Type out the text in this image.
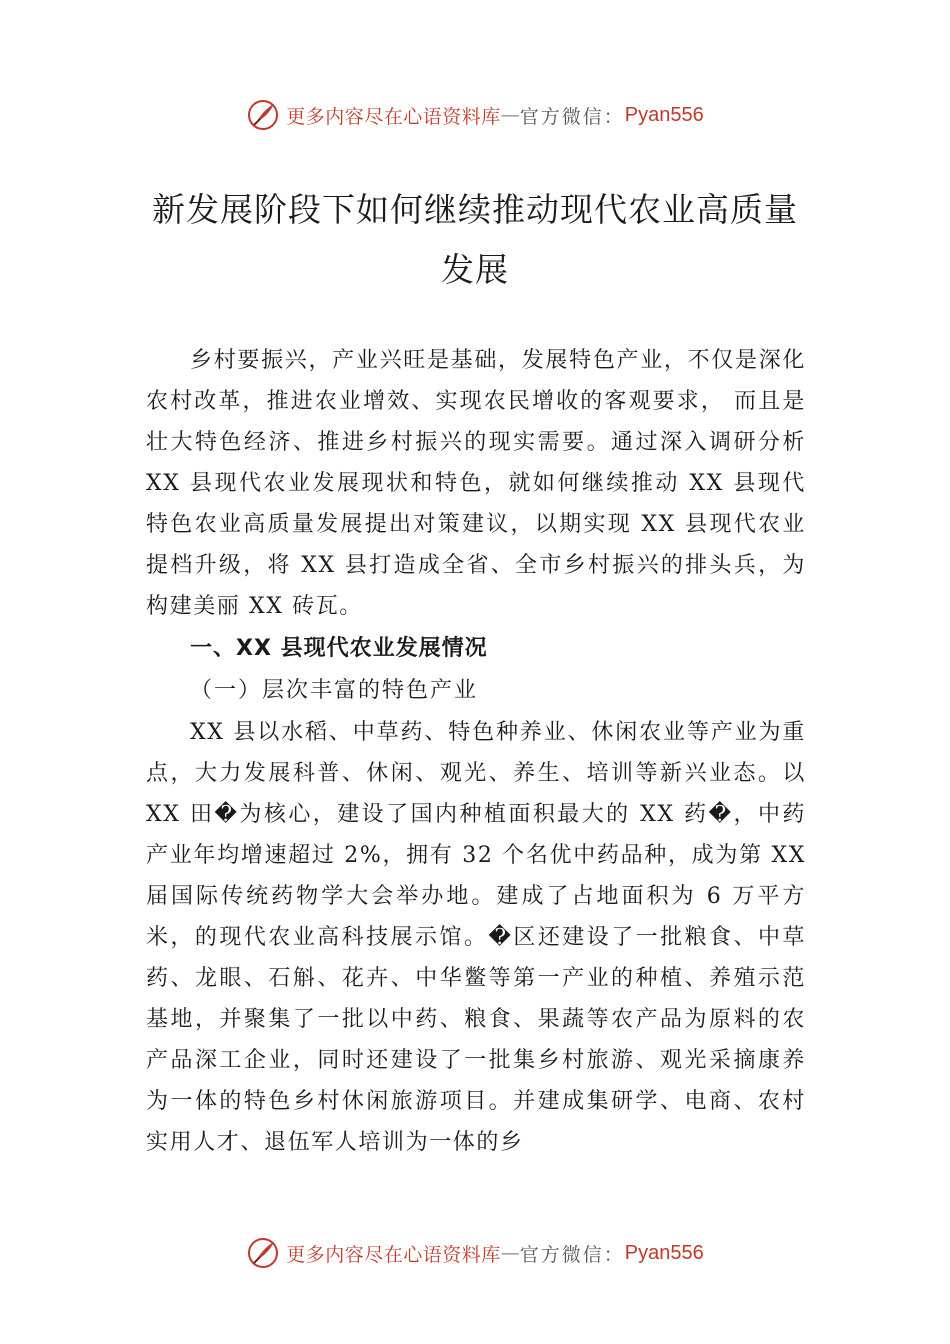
更多内容尽在心语资料库 — 官方微信： Pyan556
新发展阶段下如何继续推动现代农业高质量发展
乡村要振兴，产业兴旺是基础，发展特色产业，不仅是深化农村改革，推进农业增效、实现农民增收的客观要求， 而且是壮大特色经济、推进乡村振兴的现实需要。通过深入调研分析 XX 县现代农业发展现状和特色，就如何继续推动 XX 县现代特色农业高质量发展提出对策建议，以期实现 XX 县现代农业提档升级，将 XX 县打造成全省、全市乡村振兴的排头兵，为构建美丽 XX 砖瓦。
一、XX 县现代农业发展情况
（一）层次丰富的特色产业
XX 县以水稻、中草药、特色种养业、休闲农业等产业为重点，大力发展科普、休闲、观光、养生、培训等新兴业态。以 XX 田�为核心，建设了国内种植面积最大的 XX 药�，中药产业年均增速超过 2%，拥有 32 个名优中药品种，成为第 XX 届国际传统药物学大会举办地。建成了占地面积为 6 万平方米，的现代农业高科技展示馆。�区还建设了一批粮食、中草药、龙眼、石斛、花卉、中华鳖等第一产业的种植、养殖示范基地，并聚集了一批以中药、粮食、果蔬等农产品为原料的农产品深工企业，同时还建设了一批集乡村旅游、观光采摘康养为一体的特色乡村休闲旅游项目。并建成集研学、电商、农村实用人才、退伍军人培训为一体的乡
更多内容尽在心语资料库 — 官方微信： Pyan556
